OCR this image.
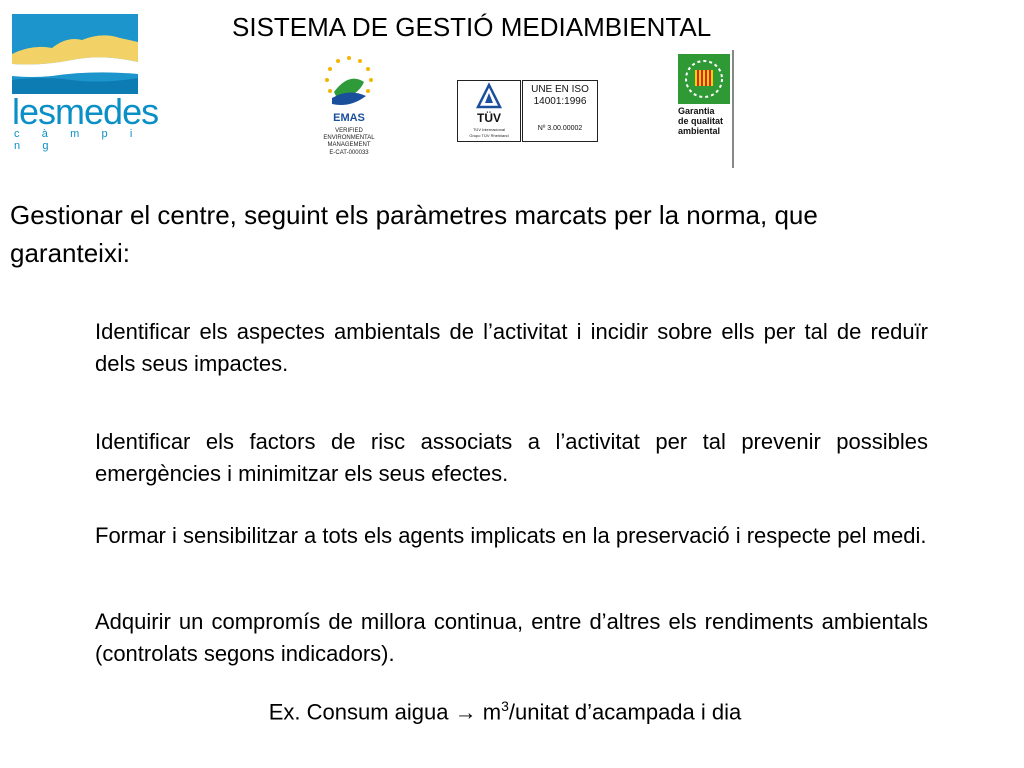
lesmedes
c à m p i n g
SISTEMA DE GESTIÓ MEDIAMBIENTAL
EMAS
VERIFIED
ENVIRONMENTAL
MANAGEMENT
E-CAT-000033
TÜV
TÜV Internacional
Grupo TÜV Rheinland
UNE EN ISO
14001:1996
Nº 3.00.00002
Garantia
de qualitat
ambiental

Gestionar el centre, seguint els paràmetres marcats per la norma, que garanteixi:

Identificar els aspectes ambientals de l’activitat i incidir sobre ells per tal de reduïr dels seus impactes.

Identificar els factors de risc associats a l’activitat per tal prevenir possibles emergències i minimitzar els seus efectes.

Formar i sensibilitzar a tots els agents implicats en la preservació i respecte pel medi.

Adquirir un compromís de millora continua, entre d’altres els rendiments ambientals (controlats segons indicadors).

Ex. Consum aigua → $m^3$/unitat d’acampada i dia
